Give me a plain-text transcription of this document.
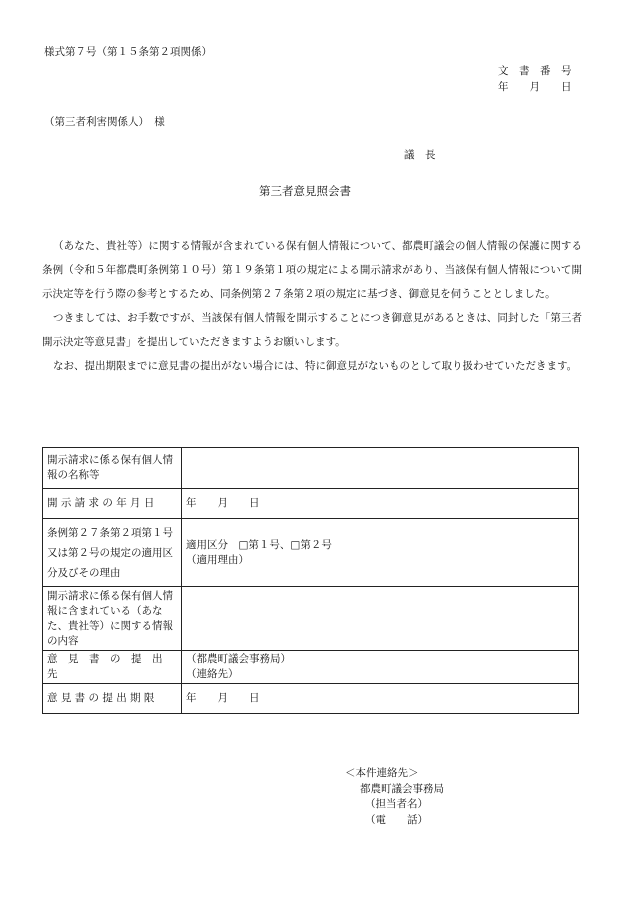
様式第７号（第１５条第２項関係）
文　書　番　号
年　　月　　日
（第三者利害関係人）　様
議　長
第三者意見照会書

（あなた、貴社等）に関する情報が含まれている保有個人情報について、都農町議会の個人情報の保護に関する条例（令和５年都農町条例第１０号）第１９条第１項の規定による開示請求があり、当該保有個人情報について開示決定等を行う際の参考とするため、同条例第２７条第２項の規定に基づき、御意見を伺うこととしました。

つきましては、お手数ですが、当該保有個人情報を開示することにつき御意見があるときは、同封した「第三者開示決定等意見書」を提出していただきますようお願いします。

なお、提出期限までに意見書の提出がない場合には、特に御意見がないものとして取り扱わせていただきます。

開示請求に係る保有個人情報の名称等	
開 示 請 求 の 年 月 日	年　　月　　日
条例第２７条第２項第１号又は第２号の規定の適用区分及びその理由	適用区分　□第１号、□第２号
（適用理由）

開示請求に係る保有個人情報に含まれている（あなた、貴社等）に関する情報の内容	
意　見　書　の　提　出　先	（都農町議会事務局）
（連絡先）

意 見 書 の 提 出 期 限	年　　月　　日
＜本件連絡先＞
都農町議会事務局
（担当者名）
（電　　話）
